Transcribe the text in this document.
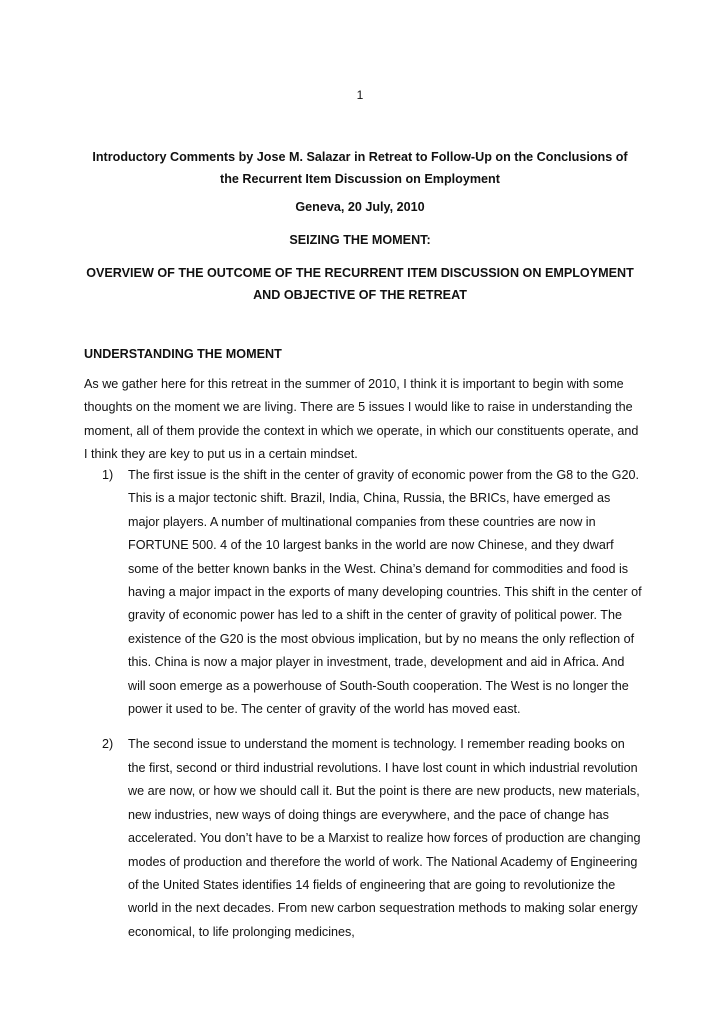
1
Introductory Comments by Jose M. Salazar in Retreat to Follow-Up on the Conclusions of the Recurrent Item Discussion on Employment
Geneva, 20 July, 2010
SEIZING THE MOMENT:
OVERVIEW OF THE OUTCOME OF THE RECURRENT ITEM DISCUSSION ON EMPLOYMENT AND OBJECTIVE OF THE RETREAT
UNDERSTANDING THE MOMENT

As we gather here for this retreat in the summer of 2010, I think it is important to begin with some thoughts on the moment we are living. There are 5 issues I would like to raise in understanding the moment, all of them provide the context in which we operate, in which our constituents operate, and I think they are key to put us in a certain mindset.

1) The first issue is the shift in the center of gravity of economic power from the G8 to the G20. This is a major tectonic shift. Brazil, India, China, Russia, the BRICs, have emerged as major players. A number of multinational companies from these countries are now in FORTUNE 500. 4 of the 10 largest banks in the world are now Chinese, and they dwarf some of the better known banks in the West. China’s demand for commodities and food is having a major impact in the exports of many developing countries. This shift in the center of gravity of economic power has led to a shift in the center of gravity of political power. The existence of the G20 is the most obvious implication, but by no means the only reflection of this. China is now a major player in investment, trade, development and aid in Africa. And will soon emerge as a powerhouse of South-South cooperation. The West is no longer the power it used to be. The center of gravity of the world has moved east.
2) The second issue to understand the moment is technology. I remember reading books on the first, second or third industrial revolutions. I have lost count in which industrial revolution we are now, or how we should call it. But the point is there are new products, new materials, new industries, new ways of doing things are everywhere, and the pace of change has accelerated. You don’t have to be a Marxist to realize how forces of production are changing modes of production and therefore the world of work. The National Academy of Engineering of the United States identifies 14 fields of engineering that are going to revolutionize the world in the next decades. From new carbon sequestration methods to making solar energy economical, to life prolonging medicines,
